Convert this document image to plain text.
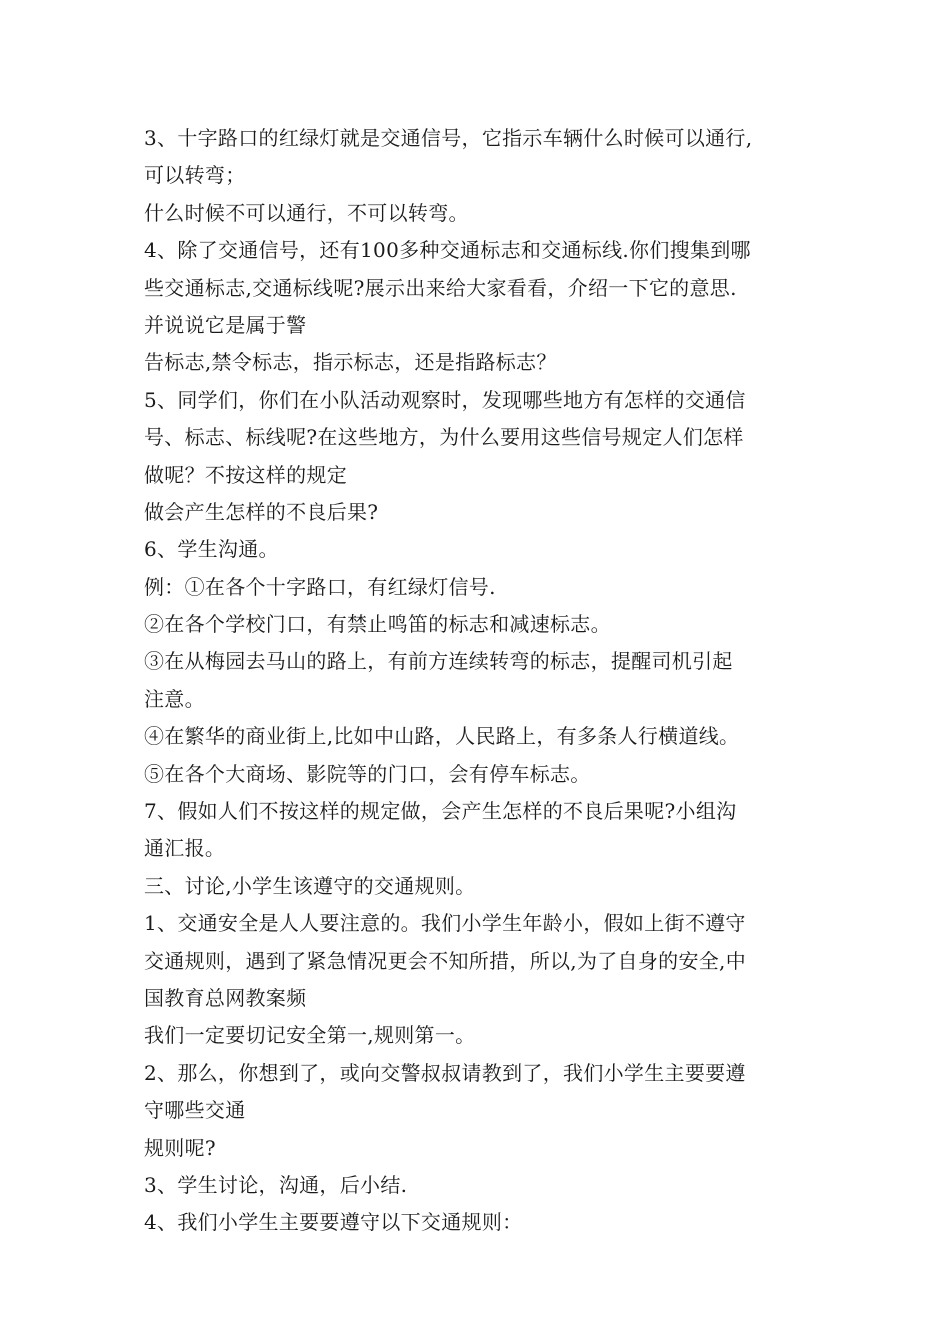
3、十字路口的红绿灯就是交通信号，它指示车辆什么时候可以通行,
可以转弯；
什么时候不可以通行，不可以转弯。
4、除了交通信号，还有100多种交通标志和交通标线.你们搜集到哪
些交通标志,交通标线呢?展示出来给大家看看，介绍一下它的意思.
并说说它是属于警
告标志,禁令标志，指示标志，还是指路标志？
5、同学们，你们在小队活动观察时，发现哪些地方有怎样的交通信
号、标志、标线呢?在这些地方，为什么要用这些信号规定人们怎样
做呢？不按这样的规定
做会产生怎样的不良后果?
6、学生沟通。
例：①在各个十字路口，有红绿灯信号.
②在各个学校门口，有禁止鸣笛的标志和减速标志。
③在从梅园去马山的路上，有前方连续转弯的标志，提醒司机引起
注意。
④在繁华的商业街上,比如中山路，人民路上，有多条人行横道线。
⑤在各个大商场、影院等的门口，会有停车标志。
7、假如人们不按这样的规定做，会产生怎样的不良后果呢?小组沟
通汇报。
三、讨论,小学生该遵守的交通规则。
1、交通安全是人人要注意的。我们小学生年龄小，假如上街不遵守
交通规则，遇到了紧急情况更会不知所措，所以,为了自身的安全,中
国教育总网教案频
我们一定要切记安全第一,规则第一。
2、那么，你想到了，或向交警叔叔请教到了，我们小学生主要要遵
守哪些交通
规则呢?
3、学生讨论，沟通，后小结.
4、我们小学生主要要遵守以下交通规则：
